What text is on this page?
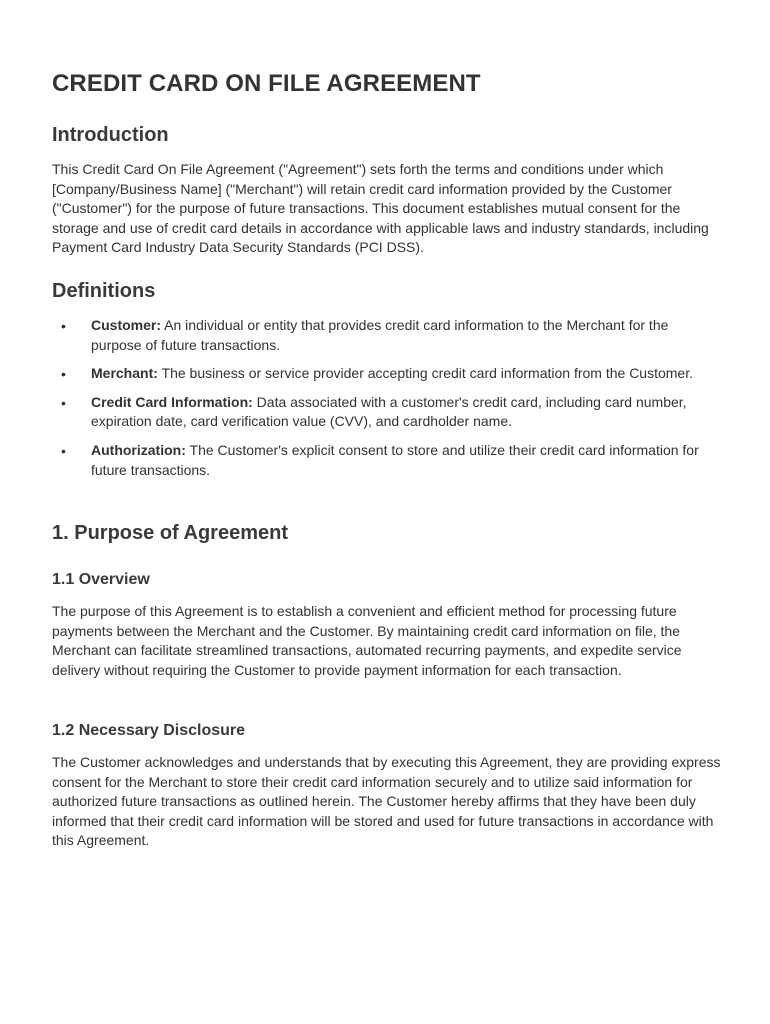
CREDIT CARD ON FILE AGREEMENT
Introduction

This Credit Card On File Agreement ("Agreement") sets forth the terms and conditions under which [Company/Business Name] ("Merchant") will retain credit card information provided by the Customer ("Customer") for the purpose of future transactions. This document establishes mutual consent for the storage and use of credit card details in accordance with applicable laws and industry standards, including Payment Card Industry Data Security Standards (PCI DSS).

Definitions
• Customer: An individual or entity that provides credit card information to the Merchant for the purpose of future transactions.
• Merchant: The business or service provider accepting credit card information from the Customer.
• Credit Card Information: Data associated with a customer's credit card, including card number, expiration date, card verification value (CVV), and cardholder name.
• Authorization: The Customer's explicit consent to store and utilize their credit card information for future transactions.
1. Purpose of Agreement
1.1 Overview

The purpose of this Agreement is to establish a convenient and efficient method for processing future payments between the Merchant and the Customer. By maintaining credit card information on file, the Merchant can facilitate streamlined transactions, automated recurring payments, and expedite service delivery without requiring the Customer to provide payment information for each transaction.

1.2 Necessary Disclosure

The Customer acknowledges and understands that by executing this Agreement, they are providing express consent for the Merchant to store their credit card information securely and to utilize said information for authorized future transactions as outlined herein. The Customer hereby affirms that they have been duly informed that their credit card information will be stored and used for future transactions in accordance with this Agreement.
